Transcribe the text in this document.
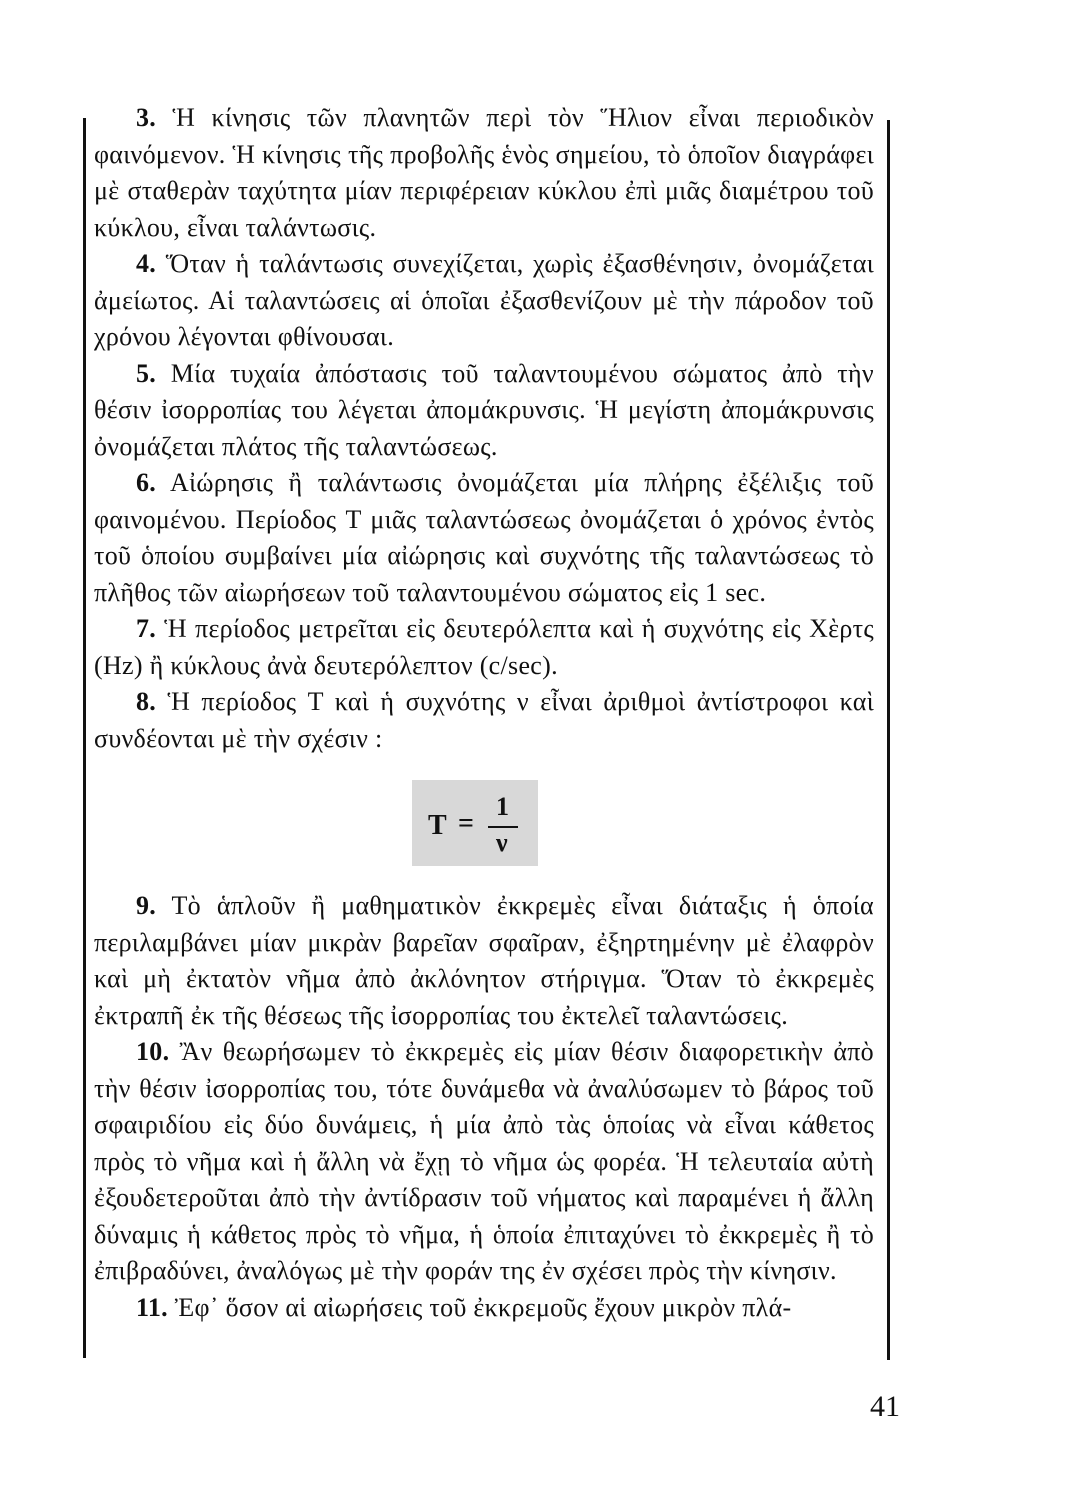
3. Ἡ κίνησις τῶν πλανητῶν περὶ τὸν Ἥλιον εἶναι περιοδικὸν φαινόμενον. Ἡ κίνησις τῆς προβολῆς ἑνὸς σημείου, τὸ ὁποῖον διαγράφει μὲ σταθερὰν ταχύτητα μίαν περιφέρειαν κύκλου ἐπὶ μιᾶς διαμέτρου τοῦ κύκλου, εἶναι ταλάντωσις.

4. Ὅταν ἡ ταλάντωσις συνεχίζεται, χωρὶς ἐξασθένησιν, ὀνομάζεται ἀμείωτος. Αἱ ταλαντώσεις αἱ ὁποῖαι ἐξασθενίζουν μὲ τὴν πάροδον τοῦ χρόνου λέγονται φθίνουσαι.

5. Μία τυχαία ἀπόστασις τοῦ ταλαντουμένου σώματος ἀπὸ τὴν θέσιν ἰσορροπίας του λέγεται ἀπομάκρυνσις. Ἡ μεγίστη ἀπομάκρυνσις ὀνομάζεται πλάτος τῆς ταλαντώσεως.

6. Αἰώρησις ἢ ταλάντωσις ὀνομάζεται μία πλήρης ἐξέλιξις τοῦ φαινομένου. Περίοδος T μιᾶς ταλαντώσεως ὀνομάζεται ὁ χρόνος ἐντὸς τοῦ ὁποίου συμβαίνει μία αἰώρησις καὶ συχνότης τῆς ταλαντώσεως τὸ πλῆθος τῶν αἰωρήσεων τοῦ ταλαντουμένου σώματος εἰς 1 sec.

7. Ἡ περίοδος μετρεῖται εἰς δευτερόλεπτα καὶ ἡ συχνότης εἰς Χὲρτς (Hz) ἢ κύκλους ἀνὰ δευτερόλεπτον (c/sec).

8. Ἡ περίοδος T καὶ ἡ συχνότης ν εἶναι ἀριθμοὶ ἀντίστροφοι καὶ συνδέονται μὲ τὴν σχέσιν :

T =
1
ν

9. Τὸ ἁπλοῦν ἢ μαθηματικὸν ἐκκρεμὲς εἶναι διάταξις ἡ ὁποία περιλαμβάνει μίαν μικρὰν βαρεῖαν σφαῖραν, ἐξηρτημένην μὲ ἐλαφρὸν καὶ μὴ ἐκτατὸν νῆμα ἀπὸ ἀκλόνητον στήριγμα. Ὅταν τὸ ἐκκρεμὲς ἐκτραπῆ ἐκ τῆς θέσεως τῆς ἰσορροπίας του ἐκτελεῖ ταλαντώσεις.

10. Ἂν θεωρήσωμεν τὸ ἐκκρεμὲς εἰς μίαν θέσιν διαφορετικὴν ἀπὸ τὴν θέσιν ἰσορροπίας του, τότε δυνάμεθα νὰ ἀναλύσωμεν τὸ βάρος τοῦ σφαιριδίου εἰς δύο δυνάμεις, ἡ μία ἀπὸ τὰς ὁποίας νὰ εἶναι κάθετος πρὸς τὸ νῆμα καὶ ἡ ἄλλη νὰ ἔχῃ τὸ νῆμα ὡς φορέα. Ἡ τελευταία αὐτὴ ἐξουδετεροῦται ἀπὸ τὴν ἀντίδρασιν τοῦ νήματος καὶ παραμένει ἡ ἄλλη δύναμις ἡ κάθετος πρὸς τὸ νῆμα, ἡ ὁποία ἐπιταχύνει τὸ ἐκκρεμὲς ἢ τὸ ἐπιβραδύνει, ἀναλόγως μὲ τὴν φοράν της ἐν σχέσει πρὸς τὴν κίνησιν.

11. Ἐφ᾽ ὅσον αἱ αἰωρήσεις τοῦ ἐκκρεμοῦς ἔχουν μικρὸν πλά-

41
